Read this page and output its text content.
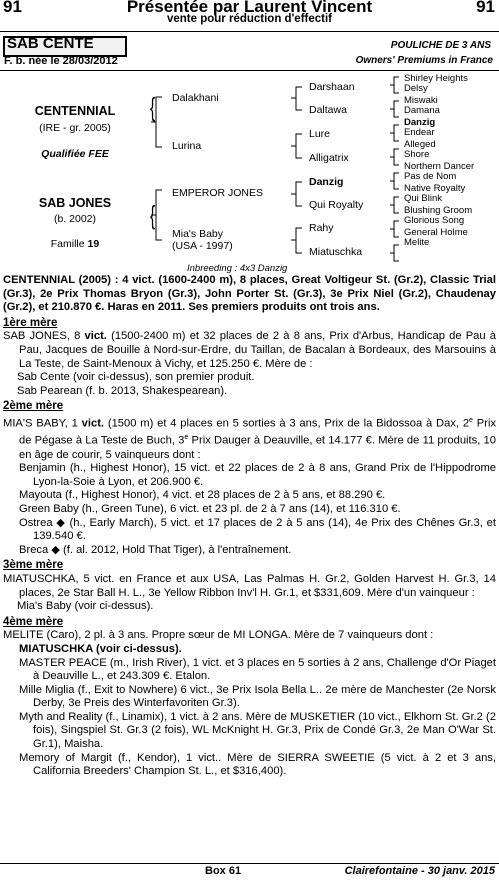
91	91
Présentée par Laurent Vincent
vente pour réduction d'effectif
SAB CENTE	POULICHE DE 3 ANS
F. b. née le 28/03/2012	Owners' Premiums in France
CENTENNIAL
(IRE - gr. 2005)
Qualifiée FEE
SAB JONES
(b. 2002)
Famille 19
{
{
Dalakhani
Lurina
EMPEROR JONES
Mia's Baby
(USA - 1997)
Darshaan
Daltawa
Lure
Alligatrix
Danzig
Qui Royalty
Rahy
Miatuschka
Shirley Heights
Delsy
Miswaki
Damana
Danzig
Endear
Alleged
Shore
Northern Dancer
Pas de Nom
Native Royalty
Qui Blink
Blushing Groom
Glorious Song
General Holme
Melite
Inbreeding : 4x3 Danzig

CENTENNIAL (2005) : 4 vict. (1600-2400 m), 8 places, Great Voltigeur St. (Gr.2), Classic Trial (Gr.3), 2e Prix Thomas Bryon (Gr.3), John Porter St. (Gr.3), 3e Prix Niel (Gr.2), Chaudenay (Gr.2), et 210.870 €. Haras en 2011. Ses premiers produits ont trois ans.

1ère mère

SAB JONES, 8 vict. (1500-2400 m) et 32 places de 2 à 8 ans, Prix d'Arbus, Handicap de Pau à Pau, Jacques de Bouille à Nord-sur-Erdre, du Taillan, de Bacalan à Bordeaux, des Marsouins à La Teste, de Saint-Menoux à Vichy, et 125.250 €. Mère de :

Sab Cente (voir ci-dessus), son premier produit.

Sab Pearean (f. b. 2013, Shakespearean).

2ème mère

MIA'S BABY, 1 vict. (1500 m) et 4 places en 5 sorties à 3 ans, Prix de la Bidossoa à Dax, 2e Prix de Pégase à La Teste de Buch, 3e Prix Dauger à Deauville, et 14.177 €. Mère de 11 produits, 10 en âge de courir, 5 vainqueurs dont :

Benjamin (h., Highest Honor), 15 vict. et 22 places de 2 à 8 ans, Grand Prix de l'Hippodrome Lyon-la-Soie à Lyon, et 206.900 €.

Mayouta (f., Highest Honor), 4 vict. et 28 places de 2 à 5 ans, et 88.290 €.

Green Baby (h., Green Tune), 6 vict. et 23 pl. de 2 à 7 ans (14), et 116.310 €.

Ostrea ◆ (h., Early March), 5 vict. et 17 places de 2 à 5 ans (14), 4e Prix des Chênes Gr.3, et 139.540 €.

Breca ◆ (f. al. 2012, Hold That Tiger), à l'entraînement.

3ème mère

MIATUSCHKA, 5 vict. en France et aux USA, Las Palmas H. Gr.2, Golden Harvest H. Gr.3, 14 places, 2e Star Ball H. L., 3e Yellow Ribbon Inv'l H. Gr.1, et $331,609. Mère d'un vainqueur :

Mia's Baby (voir ci-dessus).

4ème mère

MELITE (Caro), 2 pl. à 3 ans. Propre sœur de MI LONGA. Mère de 7 vainqueurs dont :

MIATUSCHKA (voir ci-dessus).

MASTER PEACE (m., Irish River), 1 vict. et 3 places en 5 sorties à 2 ans, Challenge d'Or Piaget à Deauville L., et 243.309 €. Etalon.

Mille Miglia (f., Exit to Nowhere) 6 vict., 3e Prix Isola Bella L.. 2e mère de Manchester (2e Norsk Derby, 3e Preis des Winterfavoriten Gr.3).

Myth and Reality (f., Linamix), 1 vict. à 2 ans. Mère de MUSKETIER (10 vict., Elkhorn St. Gr.2 (2 fois), Singspiel St. Gr.3 (2 fois), WL McKnight H. Gr.3, Prix de Condé Gr.3, 2e Man O'War St. Gr.1), Maisha.

Memory of Margit (f., Kendor), 1 vict.. Mère de SIERRA SWEETIE (5 vict. à 2 et 3 ans, California Breeders' Champion St. L., et $316,400).

Box 61	Clairefontaine - 30 janv. 2015
